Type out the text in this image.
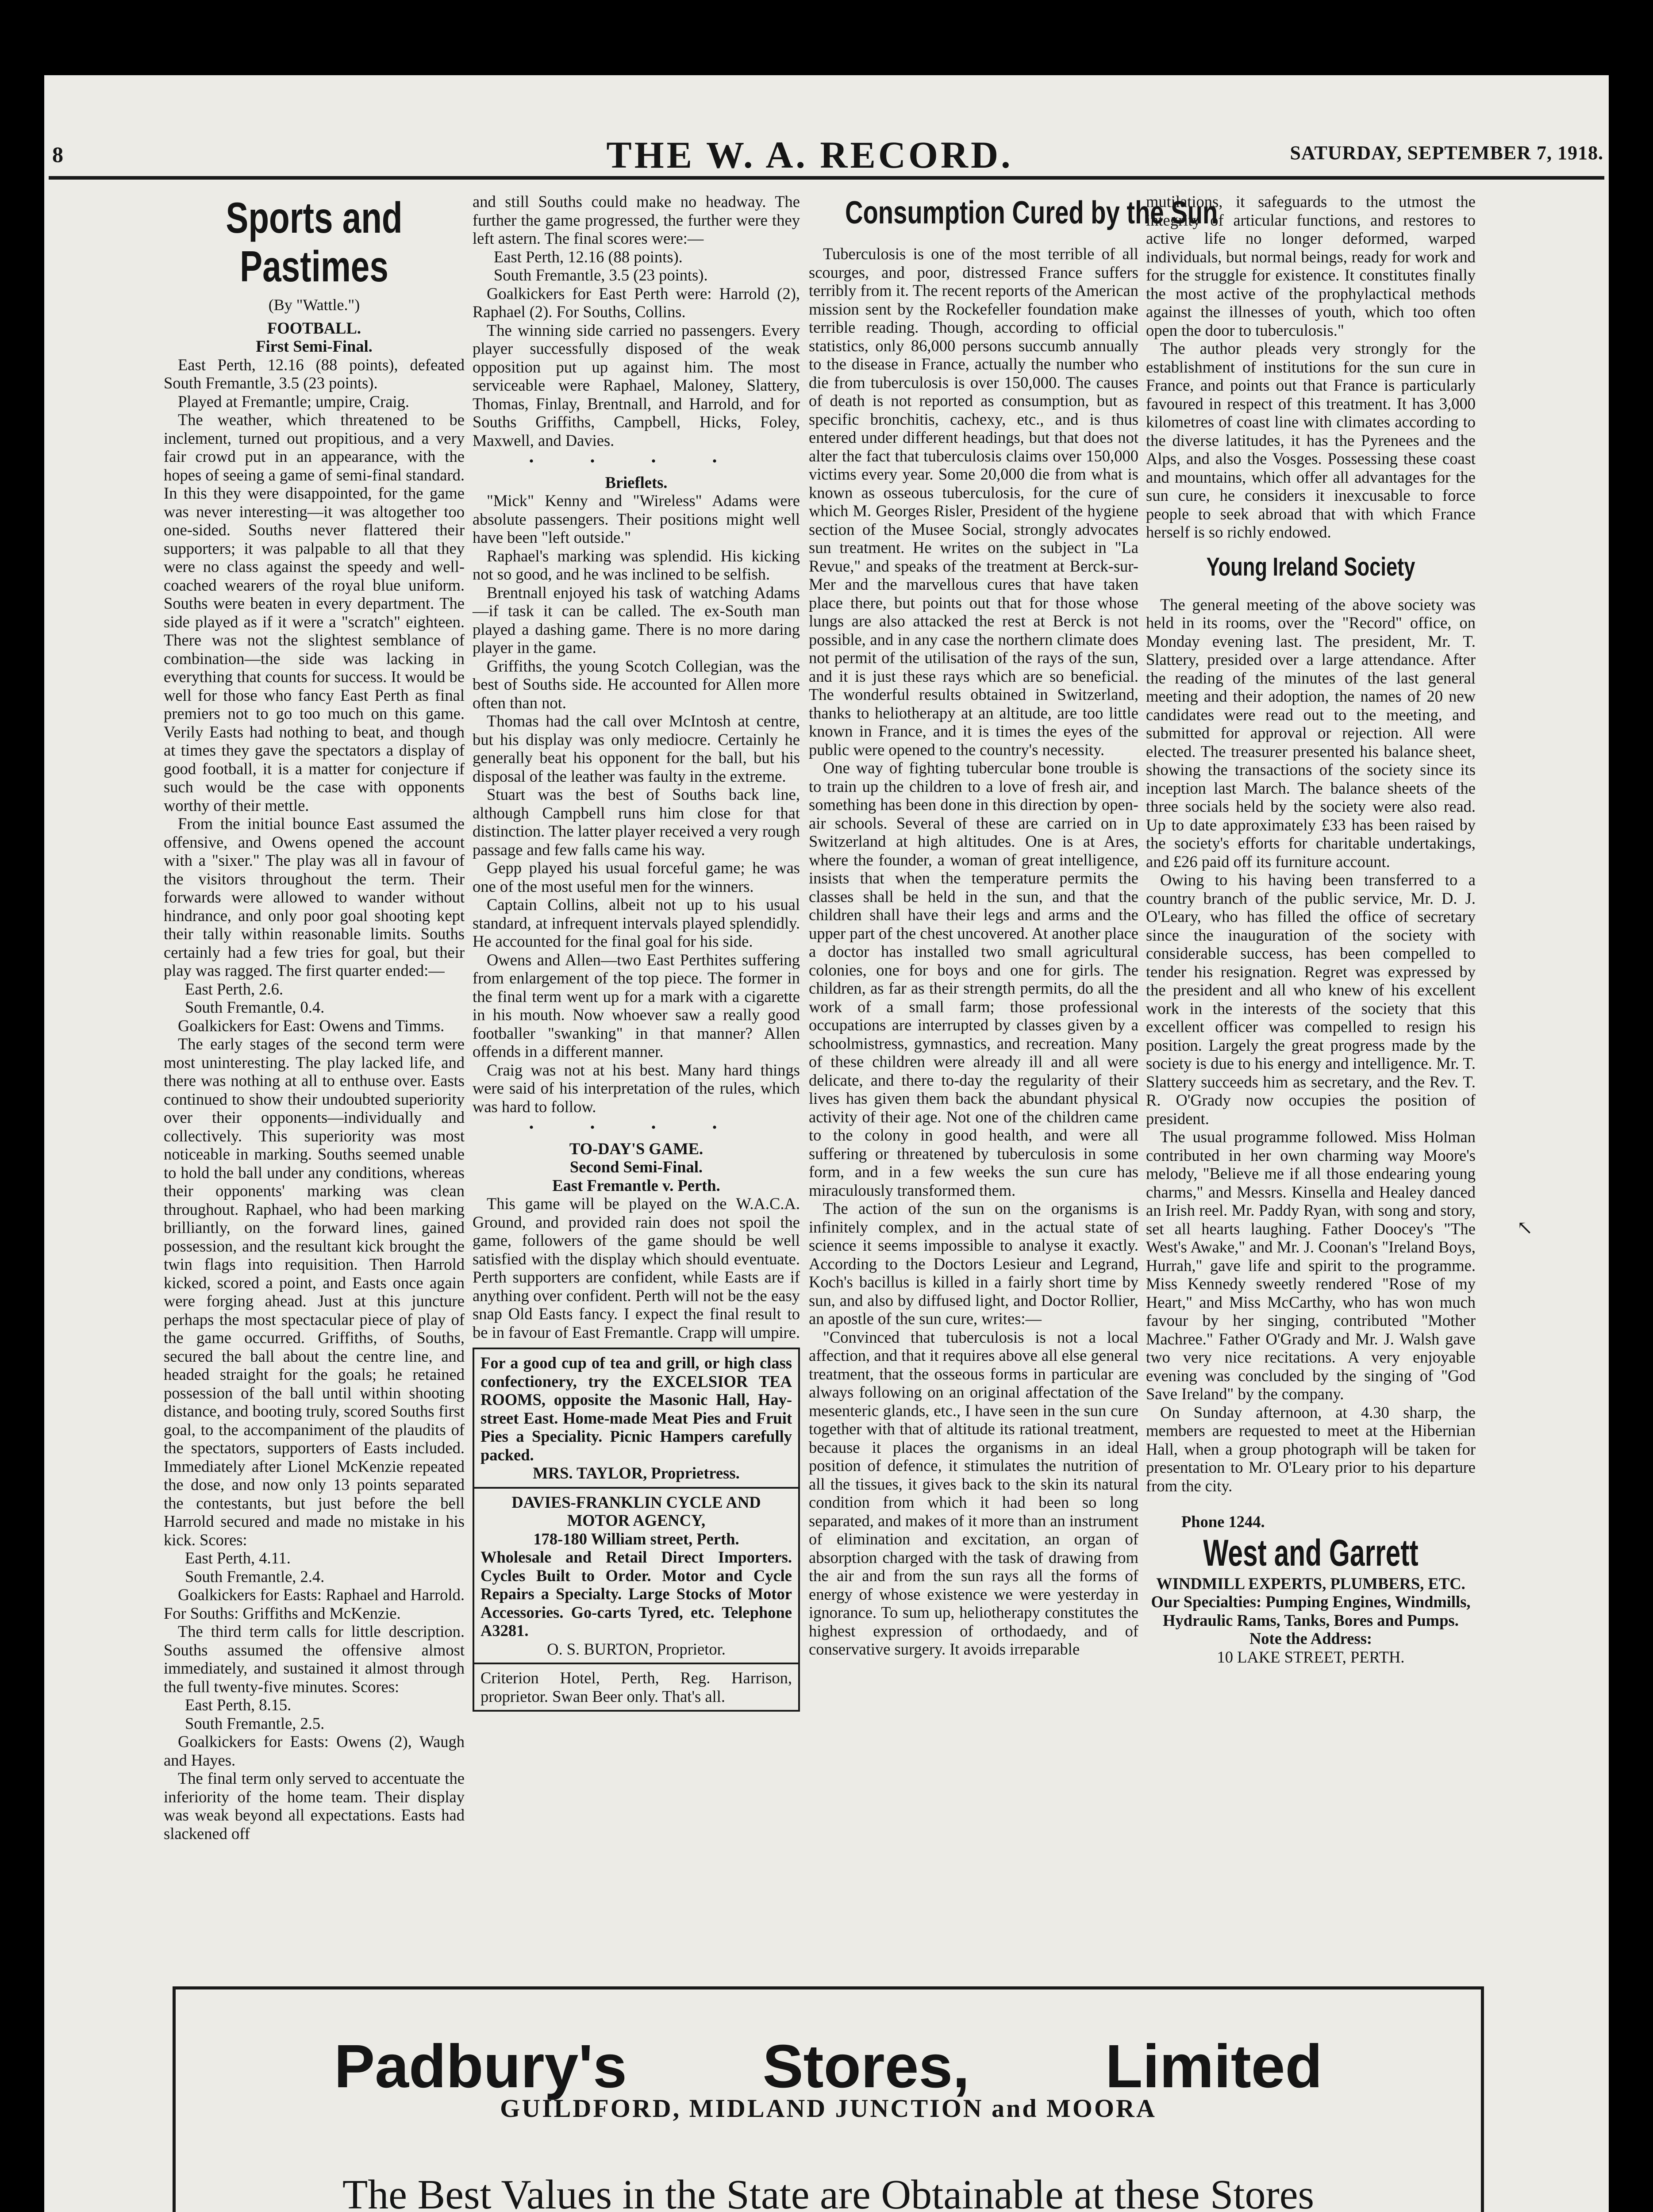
8	THE W. A. RECORD.	SATURDAY, SEPTEMBER 7, 1918.
Sports and Pastimes
(By "Wattle.")

FOOTBALL.

First Semi-Final.

East Perth, 12.16 (88 points), defeated South Fremantle, 3.5 (23 points).

Played at Fremantle; umpire, Craig.

The weather, which threatened to be inclement, turned out propitious, and a very fair crowd put in an appearance, with the hopes of seeing a game of semi-final standard. In this they were disappointed, for the game was never interesting—it was altogether too one-sided. Souths never flattered their supporters; it was palpable to all that they were no class against the speedy and well-coached wearers of the royal blue uniform. Souths were beaten in every department. The side played as if it were a "scratch" eighteen. There was not the slightest semblance of combination—the side was lacking in everything that counts for success. It would be well for those who fancy East Perth as final premiers not to go too much on this game. Verily Easts had nothing to beat, and though at times they gave the spectators a display of good football, it is a matter for conjecture if such would be the case with opponents worthy of their mettle.

From the initial bounce East assumed the offensive, and Owens opened the account with a "sixer." The play was all in favour of the visitors throughout the term. Their forwards were allowed to wander without hindrance, and only poor goal shooting kept their tally within reasonable limits. Souths certainly had a few tries for goal, but their play was ragged. The first quarter ended:—

East Perth, 2.6.

South Fremantle, 0.4.

Goalkickers for East: Owens and Timms.

The early stages of the second term were most uninteresting. The play lacked life, and there was nothing at all to enthuse over. Easts continued to show their undoubted superiority over their opponents—individually and collectively. This superiority was most noticeable in marking. Souths seemed unable to hold the ball under any conditions, whereas their opponents' marking was clean throughout. Raphael, who had been marking brilliantly, on the forward lines, gained possession, and the resultant kick brought the twin flags into requisition. Then Harrold kicked, scored a point, and Easts once again were forging ahead. Just at this juncture perhaps the most spectacular piece of play of the game occurred. Griffiths, of Souths, secured the ball about the centre line, and headed straight for the goals; he retained possession of the ball until within shooting distance, and booting truly, scored Souths first goal, to the accompaniment of the plaudits of the spectators, supporters of Easts included. Immediately after Lionel McKenzie repeated the dose, and now only 13 points separated the contestants, but just before the bell Harrold secured and made no mistake in his kick. Scores:

East Perth, 4.11.

South Fremantle, 2.4.

Goalkickers for Easts: Raphael and Harrold. For Souths: Griffiths and McKenzie.

The third term calls for little description. Souths assumed the offensive almost immediately, and sustained it almost through the full twenty-five minutes. Scores:

East Perth, 8.15.

South Fremantle, 2.5.

Goalkickers for Easts: Owens (2), Waugh and Hayes.

The final term only served to accentuate the inferiority of the home team. Their display was weak beyond all expectations. Easts had slackened off

and still Souths could make no headway. The further the game progressed, the further were they left astern. The final scores were:—

East Perth, 12.16 (88 points).

South Fremantle, 3.5 (23 points).

Goalkickers for East Perth were: Harrold (2), Raphael (2). For Souths, Collins.

The winning side carried no passengers. Every player successfully disposed of the weak opposition put up against him. The most serviceable were Raphael, Maloney, Slattery, Thomas, Finlay, Brentnall, and Harrold, and for Souths Griffiths, Campbell, Hicks, Foley, Maxwell, and Davies.

• • • •

Brieflets.

"Mick" Kenny and "Wireless" Adams were absolute passengers. Their positions might well have been "left outside."

Raphael's marking was splendid. His kicking not so good, and he was inclined to be selfish.

Brentnall enjoyed his task of watching Adams—if task it can be called. The ex-South man played a dashing game. There is no more daring player in the game.

Griffiths, the young Scotch Collegian, was the best of Souths side. He accounted for Allen more often than not.

Thomas had the call over McIntosh at centre, but his display was only mediocre. Certainly he generally beat his opponent for the ball, but his disposal of the leather was faulty in the extreme.

Stuart was the best of Souths back line, although Campbell runs him close for that distinction. The latter player received a very rough passage and few falls came his way.

Gepp played his usual forceful game; he was one of the most useful men for the winners.

Captain Collins, albeit not up to his usual standard, at infrequent intervals played splendidly. He accounted for the final goal for his side.

Owens and Allen—two East Perthites suffering from enlargement of the top piece. The former in the final term went up for a mark with a cigarette in his mouth. Now whoever saw a really good footballer "swanking" in that manner? Allen offends in a different manner.

Craig was not at his best. Many hard things were said of his interpretation of the rules, which was hard to follow.

• • • •

TO-DAY'S GAME.

Second Semi-Final.

East Fremantle v. Perth.

This game will be played on the W.A.C.A. Ground, and provided rain does not spoil the game, followers of the game should be well satisfied with the display which should eventuate. Perth supporters are confident, while Easts are if anything over confident. Perth will not be the easy snap Old Easts fancy. I expect the final result to be in favour of East Fremantle. Crapp will umpire.

For a good cup of tea and grill, or high class confectionery, try the EXCELSIOR TEA ROOMS, opposite the Masonic Hall, Hay-street East. Home-made Meat Pies and Fruit Pies a Speciality. Picnic Hampers carefully packed.

MRS. TAYLOR, Proprietress.

DAVIES-FRANKLIN CYCLE AND MOTOR AGENCY,

178-180 William street, Perth.

Wholesale and Retail Direct Importers. Cycles Built to Order. Motor and Cycle Repairs a Specialty. Large Stocks of Motor Accessories. Go-carts Tyred, etc. Telephone A3281.

O. S. BURTON, Proprietor.

Criterion Hotel, Perth, Reg. Harrison, proprietor. Swan Beer only. That's all.

Consumption Cured by the Sun

Tuberculosis is one of the most terrible of all scourges, and poor, distressed France suffers terribly from it. The recent reports of the American mission sent by the Rockefeller foundation make terrible reading. Though, according to official statistics, only 86,000 persons succumb annually to the disease in France, actually the number who die from tuberculosis is over 150,000. The causes of death is not reported as consumption, but as specific bronchitis, cachexy, etc., and is thus entered under different headings, but that does not alter the fact that tuberculosis claims over 150,000 victims every year. Some 20,000 die from what is known as osseous tuberculosis, for the cure of which M. Georges Risler, President of the hygiene section of the Musee Social, strongly advocates sun treatment. He writes on the subject in "La Revue," and speaks of the treatment at Berck-sur-Mer and the marvellous cures that have taken place there, but points out that for those whose lungs are also attacked the rest at Berck is not possible, and in any case the northern climate does not permit of the utilisation of the rays of the sun, and it is just these rays which are so beneficial. The wonderful results obtained in Switzerland, thanks to heliotherapy at an altitude, are too little known in France, and it is times the eyes of the public were opened to the country's necessity.

One way of fighting tubercular bone trouble is to train up the children to a love of fresh air, and something has been done in this direction by open-air schools. Several of these are carried on in Switzerland at high altitudes. One is at Ares, where the founder, a woman of great intelligence, insists that when the temperature permits the classes shall be held in the sun, and that the children shall have their legs and arms and the upper part of the chest uncovered. At another place a doctor has installed two small agricultural colonies, one for boys and one for girls. The children, as far as their strength permits, do all the work of a small farm; those professional occupations are interrupted by classes given by a schoolmistress, gymnastics, and recreation. Many of these children were already ill and all were delicate, and there to-day the regularity of their lives has given them back the abundant physical activity of their age. Not one of the children came to the colony in good health, and were all suffering or threatened by tuberculosis in some form, and in a few weeks the sun cure has miraculously transformed them.

The action of the sun on the organisms is infinitely complex, and in the actual state of science it seems impossible to analyse it exactly. According to the Doctors Lesieur and Legrand, Koch's bacillus is killed in a fairly short time by sun, and also by diffused light, and Doctor Rollier, an apostle of the sun cure, writes:—

"Convinced that tuberculosis is not a local affection, and that it requires above all else general treatment, that the osseous forms in particular are always following on an original affectation of the mesenteric glands, etc., I have seen in the sun cure together with that of altitude its rational treatment, because it places the organisms in an ideal position of defence, it stimulates the nutrition of all the tissues, it gives back to the skin its natural condition from which it had been so long separated, and makes of it more than an instrument of elimination and excitation, an organ of absorption charged with the task of drawing from the air and from the sun rays all the forms of energy of whose existence we were yesterday in ignorance. To sum up, heliotherapy constitutes the highest expression of orthodaedy, and of conservative surgery. It avoids irreparable

mutilations, it safeguards to the utmost the integrity of articular functions, and restores to active life no longer deformed, warped individuals, but normal beings, ready for work and for the struggle for existence. It constitutes finally the most active of the prophylactical methods against the illnesses of youth, which too often open the door to tuberculosis."

The author pleads very strongly for the establishment of institutions for the sun cure in France, and points out that France is particularly favoured in respect of this treatment. It has 3,000 kilometres of coast line with climates according to the diverse latitudes, it has the Pyrenees and the Alps, and also the Vosges. Possessing these coast and mountains, which offer all advantages for the sun cure, he considers it inexcusable to force people to seek abroad that with which France herself is so richly endowed.

Young Ireland Society

The general meeting of the above society was held in its rooms, over the "Record" office, on Monday evening last. The president, Mr. T. Slattery, presided over a large attendance. After the reading of the minutes of the last general meeting and their adoption, the names of 20 new candidates were read out to the meeting, and submitted for approval or rejection. All were elected. The treasurer presented his balance sheet, showing the transactions of the society since its inception last March. The balance sheets of the three socials held by the society were also read. Up to date approximately £33 has been raised by the society's efforts for charitable undertakings, and £26 paid off its furniture account.

Owing to his having been transferred to a country branch of the public service, Mr. D. J. O'Leary, who has filled the office of secretary since the inauguration of the society with considerable success, has been compelled to tender his resignation. Regret was expressed by the president and all who knew of his excellent work in the interests of the society that this excellent officer was compelled to resign his position. Largely the great progress made by the society is due to his energy and intelligence. Mr. T. Slattery succeeds him as secretary, and the Rev. T. R. O'Grady now occupies the position of president.

The usual programme followed. Miss Holman contributed in her own charming way Moore's melody, "Believe me if all those endearing young charms," and Messrs. Kinsella and Healey danced an Irish reel. Mr. Paddy Ryan, with song and story, set all hearts laughing. Father Doocey's "The West's Awake," and Mr. J. Coonan's "Ireland Boys, Hurrah," gave life and spirit to the programme. Miss Kennedy sweetly rendered "Rose of my Heart," and Miss McCarthy, who has won much favour by her singing, contributed "Mother Machree." Father O'Grady and Mr. J. Walsh gave two very nice recitations. A very enjoyable evening was concluded by the singing of "God Save Ireland" by the company.

On Sunday afternoon, at 4.30 sharp, the members are requested to meet at the Hibernian Hall, when a group photograph will be taken for presentation to Mr. O'Leary prior to his departure from the city.

Phone 1244.
West and Garrett
WINDMILL EXPERTS, PLUMBERS, ETC.
Our Specialties: Pumping Engines, Windmills, Hydraulic Rams, Tanks, Bores and Pumps.
Note the Address:
10 LAKE STREET, PERTH.
Padbury's Stores, Limited
GUILDFORD, MIDLAND JUNCTION and MOORA
The Best Values in the State are Obtainable at these Stores
↖
